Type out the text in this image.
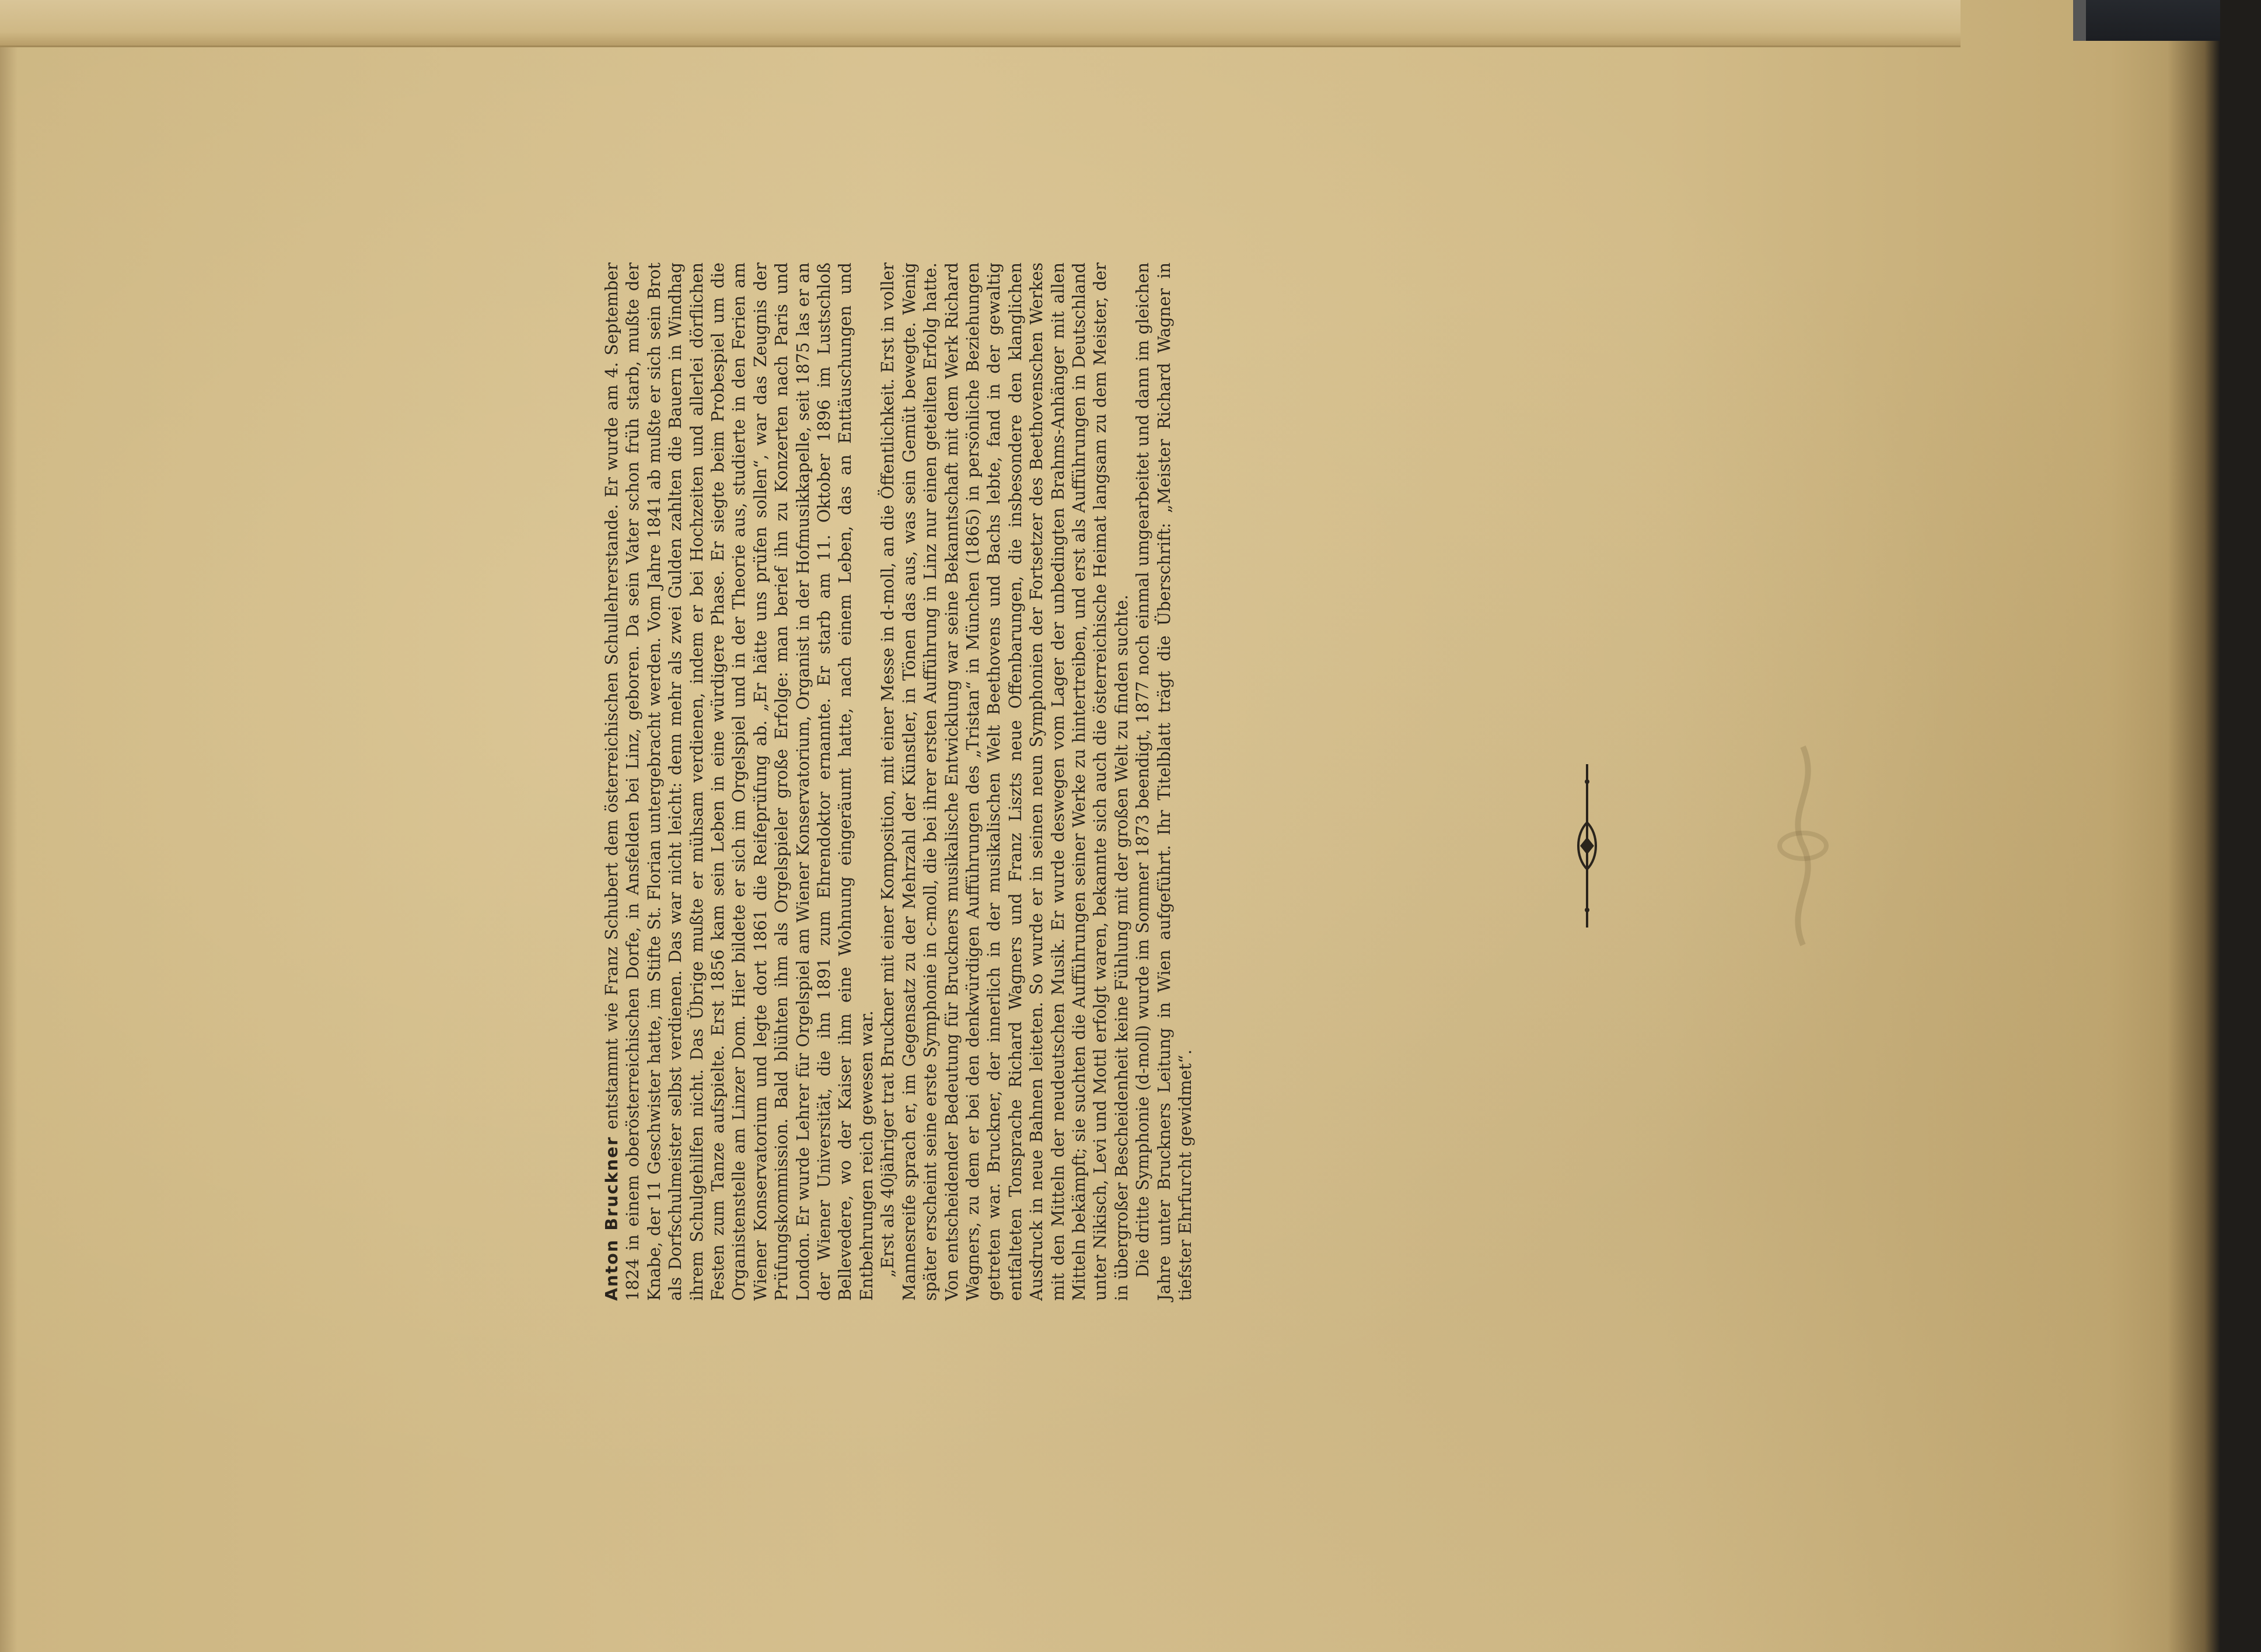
Anton Bruckner entstammt wie Franz Schubert dem österreichischen Schullehrerstande. Er wurde am 4. September 1824 in einem oberösterreichischen Dorfe, in Ansfelden bei Linz, geboren. Da sein Vater schon früh starb, mußte der Knabe, der 11 Geschwister hatte, im Stifte St. Florian untergebracht werden. Vom Jahre 1841 ab mußte er sich sein Brot als Dorfschulmeister selbst verdienen. Das war nicht leicht: denn mehr als zwei Gulden zahlten die Bauern in Windhag ihrem Schulgehilfen nicht. Das Übrige mußte er mühsam verdienen, indem er bei Hochzeiten und allerlei dörflichen Festen zum Tanze aufspielte. Erst 1856 kam sein Leben in eine würdigere Phase. Er siegte beim Probespiel um die Organistenstelle am Linzer Dom. Hier bildete er sich im Orgelspiel und in der Theorie aus, studierte in den Ferien am Wiener Konservatorium und legte dort 1861 die Reifeprüfung ab. „Er hätte uns prüfen sollen“, war das Zeugnis der Prüfungskommission. Bald blühten ihm als Orgelspieler große Erfolge: man berief ihn zu Konzerten nach Paris und London. Er wurde Lehrer für Orgelspiel am Wiener Konservatorium, Organist in der Hofmusikkapelle, seit 1875 las er an der Wiener Universität, die ihn 1891 zum Ehrendoktor ernannte. Er starb am 11. Oktober 1896 im Lustschloß Bellevedere, wo der Kaiser ihm eine Wohnung eingeräumt hatte, nach einem Leben, das an Enttäuschungen und Entbehrungen reich gewesen war. „Erst als 40jähriger trat Bruckner mit einer Komposition, mit einer Messe in d-moll, an die Öffentlichkeit. Erst in voller Mannesreife sprach er, im Gegensatz zu der Mehrzahl der Künstler, in Tönen das aus, was sein Gemüt bewegte. Wenig später erscheint seine erste Symphonie in c-moll, die bei ihrer ersten Aufführung in Linz nur einen geteilten Erfolg hatte. Von entscheidender Bedeutung für Bruckners musikalische Entwicklung war seine Bekanntschaft mit dem Werk Richard Wagners, zu dem er bei den denkwürdigen Aufführungen des „Tristan“ in München (1865) in persönliche Beziehungen getreten war. Bruckner, der innerlich in der musikalischen Welt Beethovens und Bachs lebte, fand in der gewaltig entfalteten Tonsprache Richard Wagners und Franz Liszts neue Offenbarungen, die insbesondere den klanglichen Ausdruck in neue Bahnen leiteten. So wurde er in seinen neun Symphonien der Fortsetzer des Beethovenschen Werkes mit den Mitteln der neudeutschen Musik. Er wurde deswegen vom Lager der unbedingten Brahms-Anhänger mit allen Mitteln bekämpft; sie suchten die Aufführungen seiner Werke zu hintertreiben, und erst als Aufführungen in Deutschland unter Nikisch, Levi und Mottl erfolgt waren, bekannte sich auch die österreichische Heimat langsam zu dem Meister, der in übergroßer Bescheidenheit keine Fühlung mit der großen Welt zu finden suchte. Die dritte Symphonie (d-moll) wurde im Sommer 1873 beendigt, 1877 noch einmal umgearbeitet und dann im gleichen Jahre unter Bruckners Leitung in Wien aufgeführt. Ihr Titelblatt trägt die Überschrift: „Meister Richard Wagner in tiefster Ehrfurcht gewidmet“.
